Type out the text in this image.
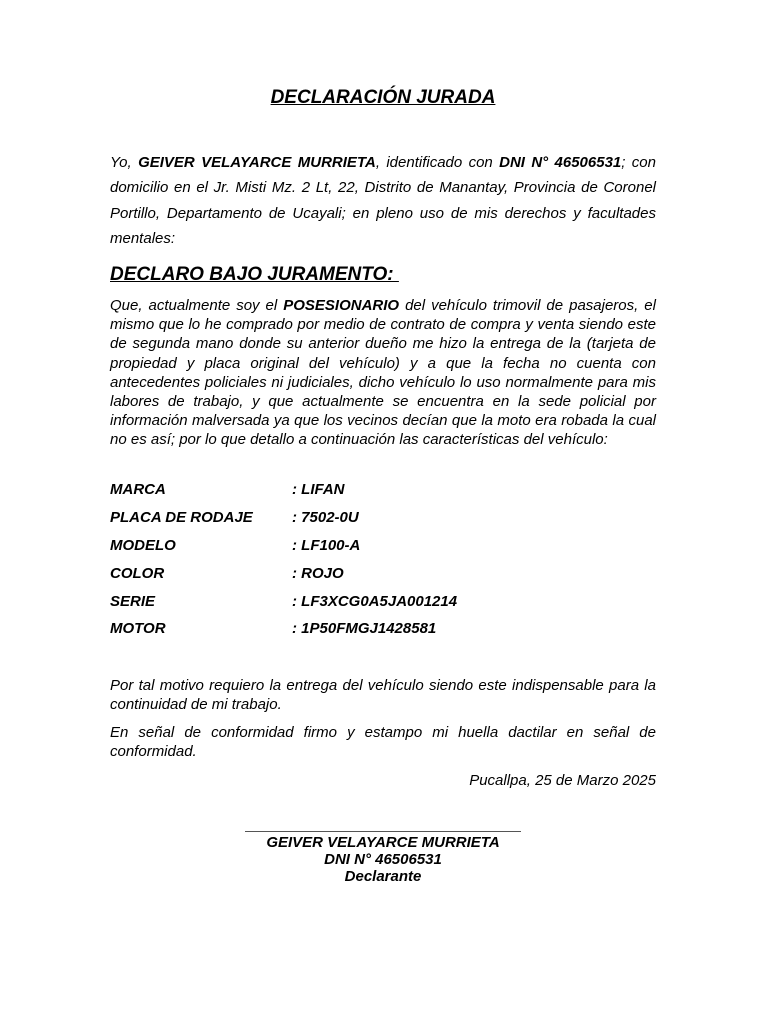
DECLARACIÓN JURADA

Yo, GEIVER VELAYARCE MURRIETA, identificado con DNI N° 46506531; con domicilio en el Jr. Misti Mz. 2 Lt, 22, Distrito de Manantay, Provincia de Coronel Portillo, Departamento de Ucayali; en pleno uso de mis derechos y facultades mentales:

DECLARO BAJO JURAMENTO:

Que, actualmente soy el POSESIONARIO del vehículo trimovil de pasajeros, el mismo que lo he comprado por medio de contrato de compra y venta siendo este de segunda mano donde su anterior dueño me hizo la entrega de la (tarjeta de propiedad y placa original del vehículo) y a que la fecha no cuenta con antecedentes policiales ni judiciales, dicho vehículo lo uso normalmente para mis labores de trabajo, y que actualmente se encuentra en la sede policial por información malversada ya que los vecinos decían que la moto era robada la cual no es así; por lo que detallo a continuación las características del vehículo:

MARCA	: LIFAN
PLACA DE RODAJE	: 7502-0U
MODELO	: LF100-A
COLOR	: ROJO
SERIE	: LF3XCG0A5JA001214
MOTOR	: 1P50FMGJ1428581

Por tal motivo requiero la entrega del vehículo siendo este indispensable para la continuidad de mi trabajo.

En señal de conformidad firmo y estampo mi huella dactilar en señal de conformidad.

Pucallpa, 25 de Marzo 2025

GEIVER VELAYARCE MURRIETA

DNI N° 46506531

Declarante
